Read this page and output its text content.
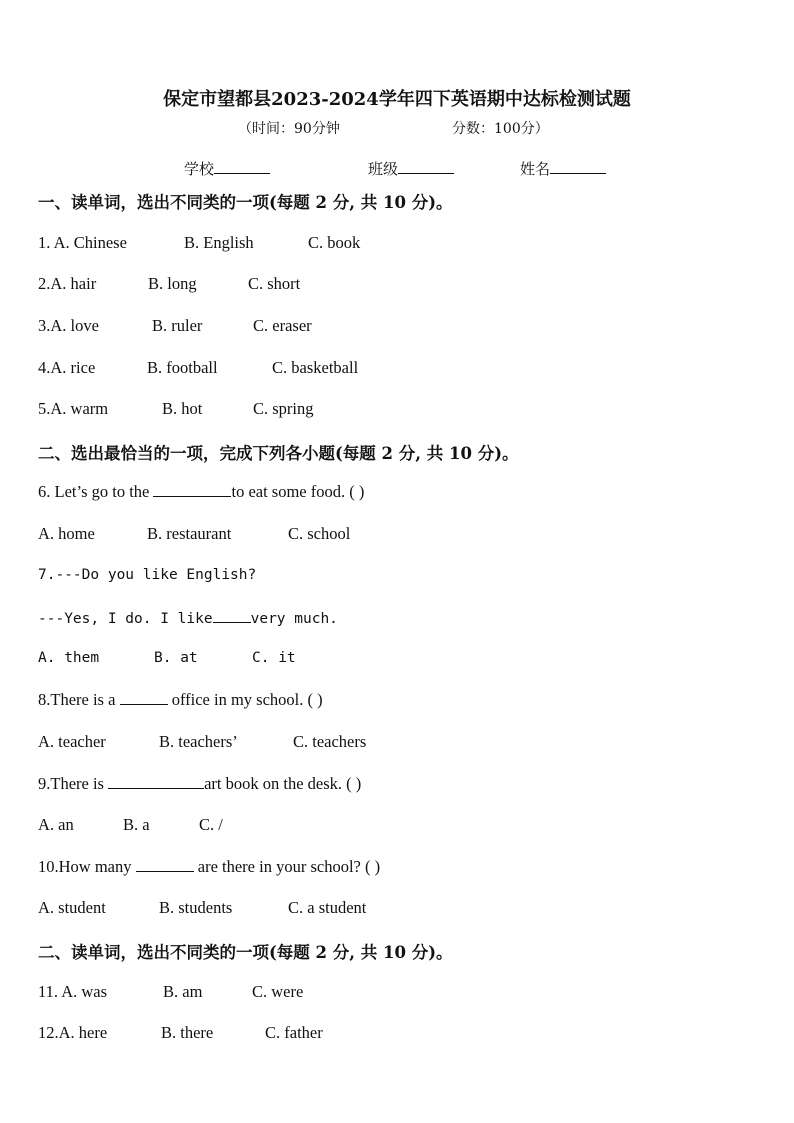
保定市望都县2023-2024学年四下英语期中达标检测试题
（时间：90分钟	分数：100分）
学校	班级	姓名
一、读单词，选出不同类的一项(每题 2 分, 共 10 分)。
1. A. Chinese	B. English	C. book
2.A. hair	B. long	C. short
3.A. love	B. ruler	C. eraser
4.A. rice	B. football	C. basketball
5.A. warm	B. hot	C. spring
二、选出最恰当的一项，完成下列各小题(每题 2 分, 共 10 分)。
6. Let’s go to the	to eat some food. ( )
A. home	B. restaurant	C. school
7.---Do you like English?
---Yes, I do. I like	very much.
A. them	B. at	C. it
8.There is a	office in my school. ( )
A. teacher	B. teachers’	C. teachers
9.There is	art book on the desk. ( )
A. an	B. a	C. /
10.How many	are there in your school? ( )
A. student	B. students	C. a student
二、读单词，选出不同类的一项(每题 2 分, 共 10 分)。
11. A. was	B. am	C. were
12.A. here	B. there	C. father
